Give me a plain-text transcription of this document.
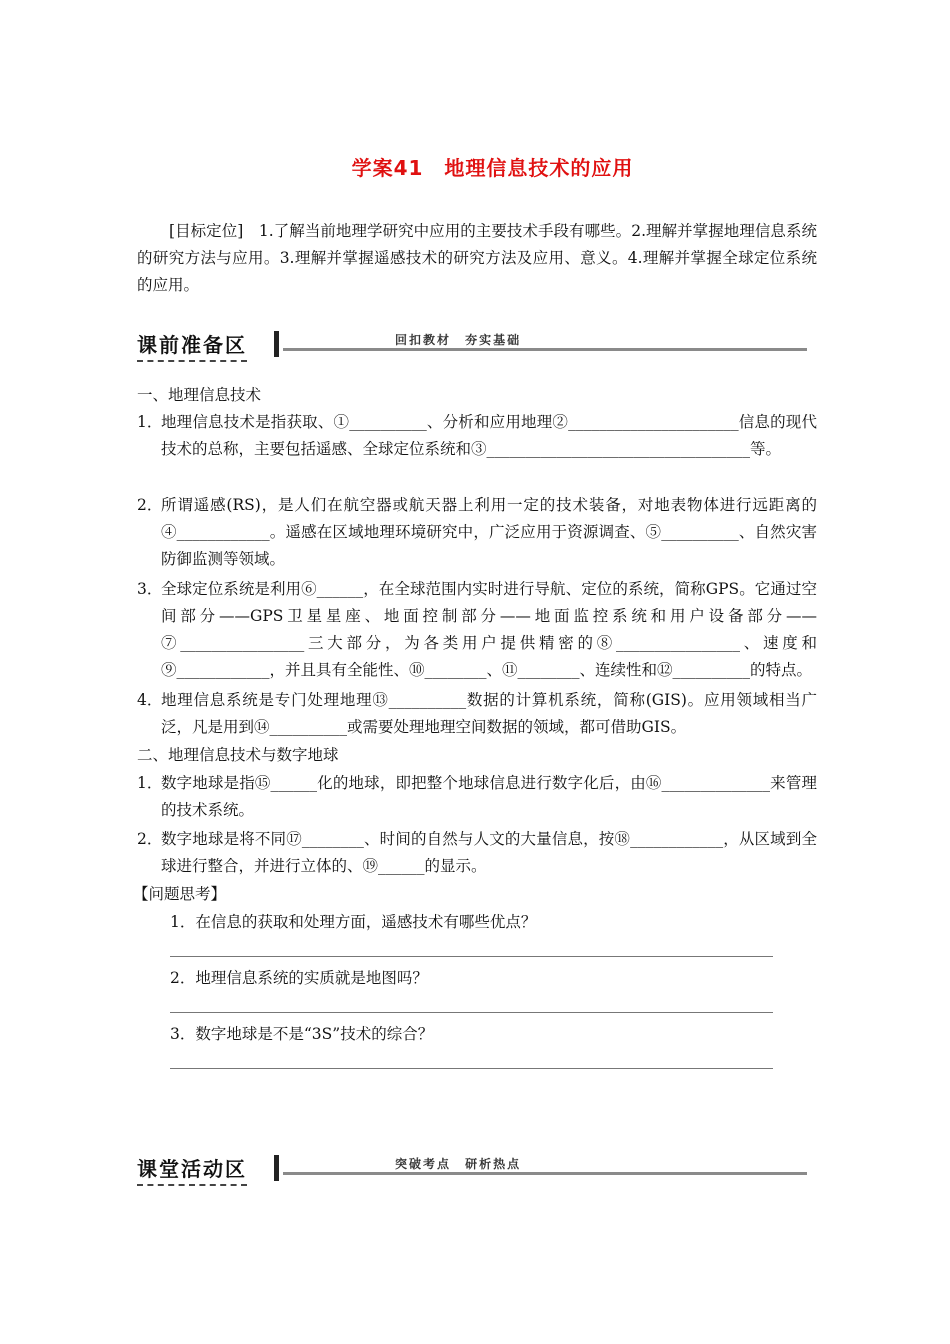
学案41　地理信息技术的应用
[目标定位]　1.了解当前地理学研究中应用的主要技术手段有哪些。2.理解并掌握地理信息系统的研究方法与应用。3.理解并掌握遥感技术的研究方法及应用、意义。4.理解并掌握全球定位系统的应用。
课前准备区	回扣教材 夯实基础
一、地理信息技术
1．
地理信息技术是指获取、①__________、分析和应用地理②______________________信息的现代技术的总称，主要包括遥感、全球定位系统和③__________________________________等。
2．
所谓遥感(RS)，是人们在航空器或航天器上利用一定的技术装备，对地表物体进行远距离的④____________。遥感在区域地理环境研究中，广泛应用于资源调查、⑤__________、自然灾害防御监测等领域。
3．
全球定位系统是利用⑥______，在全球范围内实时进行导航、定位的系统，简称GPS。它通过空间部分——GPS卫星星座、地面控制部分——地面监控系统和用户设备部分——⑦________________三大部分，为各类用户提供精密的⑧________________、速度和⑨____________，并且具有全能性、⑩________、⑪________、连续性和⑫__________的特点。
4．
地理信息系统是专门处理地理⑬__________数据的计算机系统，简称(GIS)。应用领域相当广泛，凡是用到⑭__________或需要处理地理空间数据的领域，都可借助GIS。
二、地理信息技术与数字地球
1．
数字地球是指⑮______化的地球，即把整个地球信息进行数字化后，由⑯______________来管理的技术系统。
2．
数字地球是将不同⑰________、时间的自然与人文的大量信息，按⑱____________，从区域到全球进行整合，并进行立体的、⑲______的显示。
【问题思考】
1．在信息的获取和处理方面，遥感技术有哪些优点？
2．地理信息系统的实质就是地图吗？
3．数字地球是不是“3S”技术的综合？
课堂活动区	突破考点 研析热点
